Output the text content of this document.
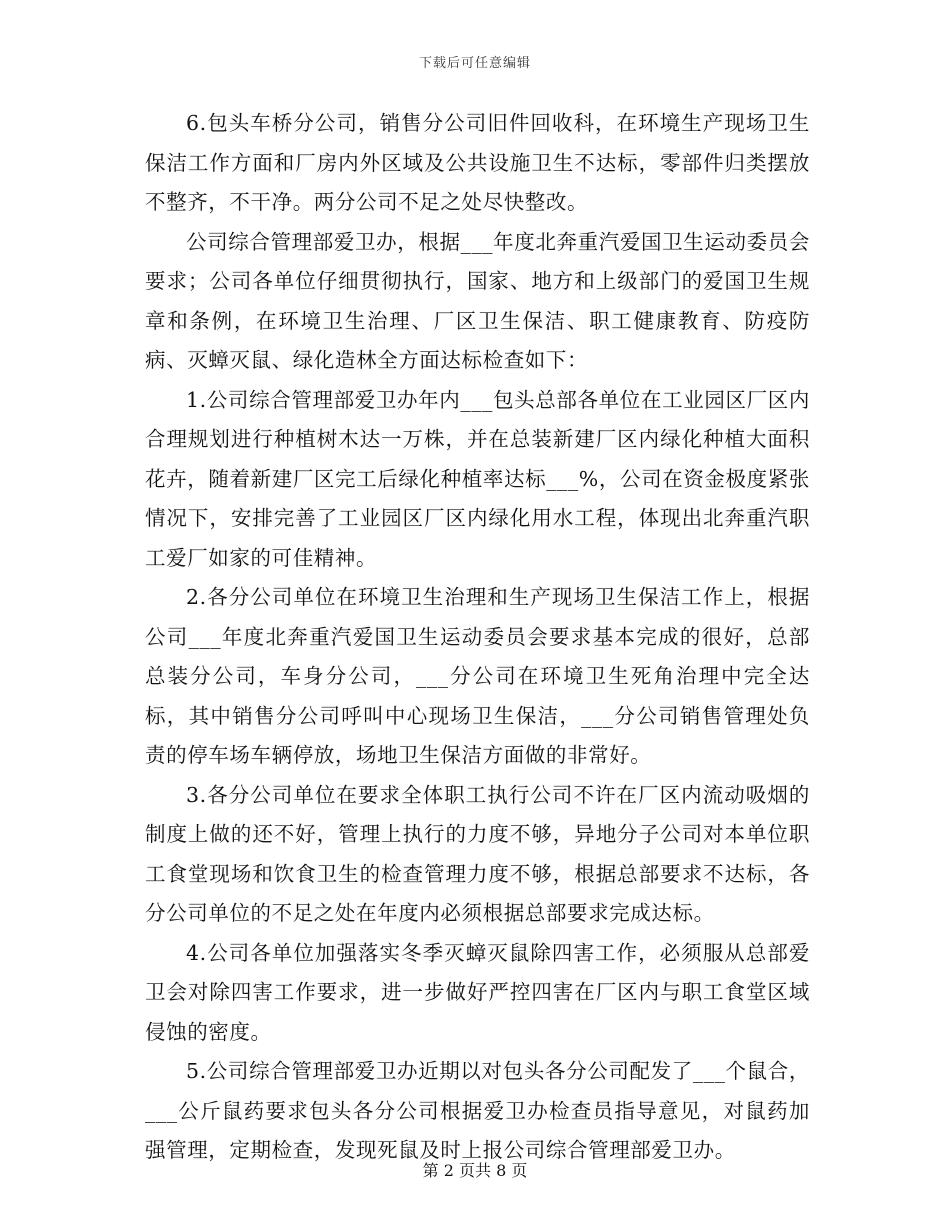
下载后可任意编辑

6.包头车桥分公司，销售分公司旧件回收科，在环境生产现场卫生保洁工作方面和厂房内外区域及公共设施卫生不达标，零部件归类摆放不整齐，不干净。两分公司不足之处尽快整改。

公司综合管理部爱卫办，根据___年度北奔重汽爱国卫生运动委员会要求；公司各单位仔细贯彻执行，国家、地方和上级部门的爱国卫生规章和条例，在环境卫生治理、厂区卫生保洁、职工健康教育、防疫防病、灭蟑灭鼠、绿化造林全方面达标检查如下：

1.公司综合管理部爱卫办年内___包头总部各单位在工业园区厂区内合理规划进行种植树木达一万株，并在总装新建厂区内绿化种植大面积花卉，随着新建厂区完工后绿化种植率达标___%，公司在资金极度紧张情况下，安排完善了工业园区厂区内绿化用水工程，体现出北奔重汽职工爱厂如家的可佳精神。

2.各分公司单位在环境卫生治理和生产现场卫生保洁工作上，根据公司___年度北奔重汽爱国卫生运动委员会要求基本完成的很好，总部总装分公司，车身分公司，___分公司在环境卫生死角治理中完全达标，其中销售分公司呼叫中心现场卫生保洁，___分公司销售管理处负责的停车场车辆停放，场地卫生保洁方面做的非常好。

3.各分公司单位在要求全体职工执行公司不许在厂区内流动吸烟的制度上做的还不好，管理上执行的力度不够，异地分子公司对本单位职工食堂现场和饮食卫生的检查管理力度不够，根据总部要求不达标，各分公司单位的不足之处在年度内必须根据总部要求完成达标。

4.公司各单位加强落实冬季灭蟑灭鼠除四害工作，必须服从总部爱卫会对除四害工作要求，进一步做好严控四害在厂区内与职工食堂区域侵蚀的密度。

5.公司综合管理部爱卫办近期以对包头各分公司配发了___个鼠合，___公斤鼠药要求包头各分公司根据爱卫办检查员指导意见，对鼠药加强管理，定期检查，发现死鼠及时上报公司综合管理部爱卫办。

第 2 页共 8 页
